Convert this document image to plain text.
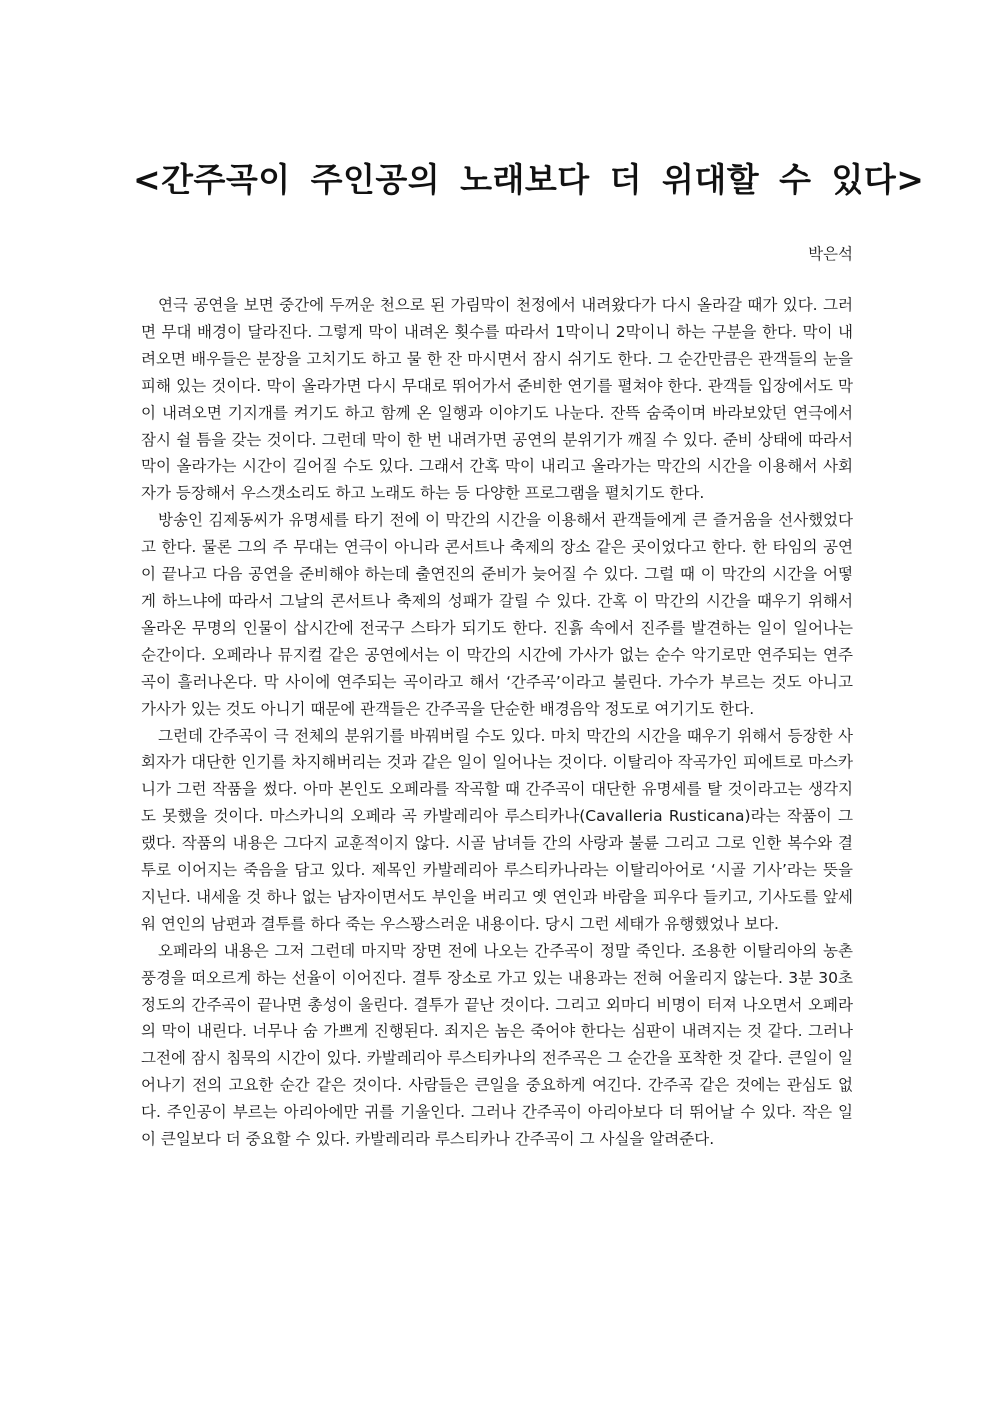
<간주곡이 주인공의 노래보다 더 위대할 수 있다>

박은석

연극 공연을 보면 중간에 두꺼운 천으로 된 가림막이 천정에서 내려왔다가 다시 올라갈 때가 있다. 그러면 무대 배경이 달라진다. 그렇게 막이 내려온 횟수를 따라서 1막이니 2막이니 하는 구분을 한다. 막이 내려오면 배우들은 분장을 고치기도 하고 물 한 잔 마시면서 잠시 쉬기도 한다. 그 순간만큼은 관객들의 눈을 피해 있는 것이다. 막이 올라가면 다시 무대로 뛰어가서 준비한 연기를 펼쳐야 한다. 관객들 입장에서도 막이 내려오면 기지개를 켜기도 하고 함께 온 일행과 이야기도 나눈다. 잔뜩 숨죽이며 바라보았던 연극에서 잠시 쉴 틈을 갖는 것이다. 그런데 막이 한 번 내려가면 공연의 분위기가 깨질 수 있다. 준비 상태에 따라서 막이 올라가는 시간이 길어질 수도 있다. 그래서 간혹 막이 내리고 올라가는 막간의 시간을 이용해서 사회자가 등장해서 우스갯소리도 하고 노래도 하는 등 다양한 프로그램을 펼치기도 한다.

방송인 김제동씨가 유명세를 타기 전에 이 막간의 시간을 이용해서 관객들에게 큰 즐거움을 선사했었다고 한다. 물론 그의 주 무대는 연극이 아니라 콘서트나 축제의 장소 같은 곳이었다고 한다. 한 타임의 공연이 끝나고 다음 공연을 준비해야 하는데 출연진의 준비가 늦어질 수 있다. 그럴 때 이 막간의 시간을 어떻게 하느냐에 따라서 그날의 콘서트나 축제의 성패가 갈릴 수 있다. 간혹 이 막간의 시간을 때우기 위해서 올라온 무명의 인물이 삽시간에 전국구 스타가 되기도 한다. 진흙 속에서 진주를 발견하는 일이 일어나는 순간이다. 오페라나 뮤지컬 같은 공연에서는 이 막간의 시간에 가사가 없는 순수 악기로만 연주되는 연주곡이 흘러나온다. 막 사이에 연주되는 곡이라고 해서 ‘간주곡’이라고 불린다. 가수가 부르는 것도 아니고 가사가 있는 것도 아니기 때문에 관객들은 간주곡을 단순한 배경음악 정도로 여기기도 한다.

그런데 간주곡이 극 전체의 분위기를 바꿔버릴 수도 있다. 마치 막간의 시간을 때우기 위해서 등장한 사회자가 대단한 인기를 차지해버리는 것과 같은 일이 일어나는 것이다. 이탈리아 작곡가인 피에트로 마스카니가 그런 작품을 썼다. 아마 본인도 오페라를 작곡할 때 간주곡이 대단한 유명세를 탈 것이라고는 생각지도 못했을 것이다. 마스카니의 오페라 곡 카발레리아 루스티카나(Cavalleria Rusticana)라는 작품이 그랬다. 작품의 내용은 그다지 교훈적이지 않다. 시골 남녀들 간의 사랑과 불륜 그리고 그로 인한 복수와 결투로 이어지는 죽음을 담고 있다. 제목인 카발레리아 루스티카나라는 이탈리아어로 ‘시골 기사’라는 뜻을 지닌다. 내세울 것 하나 없는 남자이면서도 부인을 버리고 옛 연인과 바람을 피우다 들키고, 기사도를 앞세워 연인의 남편과 결투를 하다 죽는 우스꽝스러운 내용이다. 당시 그런 세태가 유행했었나 보다.

오페라의 내용은 그저 그런데 마지막 장면 전에 나오는 간주곡이 정말 죽인다. 조용한 이탈리아의 농촌 풍경을 떠오르게 하는 선율이 이어진다. 결투 장소로 가고 있는 내용과는 전혀 어울리지 않는다. 3분 30초 정도의 간주곡이 끝나면 총성이 울린다. 결투가 끝난 것이다. 그리고 외마디 비명이 터져 나오면서 오페라의 막이 내린다. 너무나 숨 가쁘게 진행된다. 죄지은 놈은 죽어야 한다는 심판이 내려지는 것 같다. 그러나 그전에 잠시 침묵의 시간이 있다. 카발레리아 루스티카나의 전주곡은 그 순간을 포착한 것 같다. 큰일이 일어나기 전의 고요한 순간 같은 것이다. 사람들은 큰일을 중요하게 여긴다. 간주곡 같은 것에는 관심도 없다. 주인공이 부르는 아리아에만 귀를 기울인다. 그러나 간주곡이 아리아보다 더 뛰어날 수 있다. 작은 일이 큰일보다 더 중요할 수 있다. 카발레리라 루스티카나 간주곡이 그 사실을 알려준다.
